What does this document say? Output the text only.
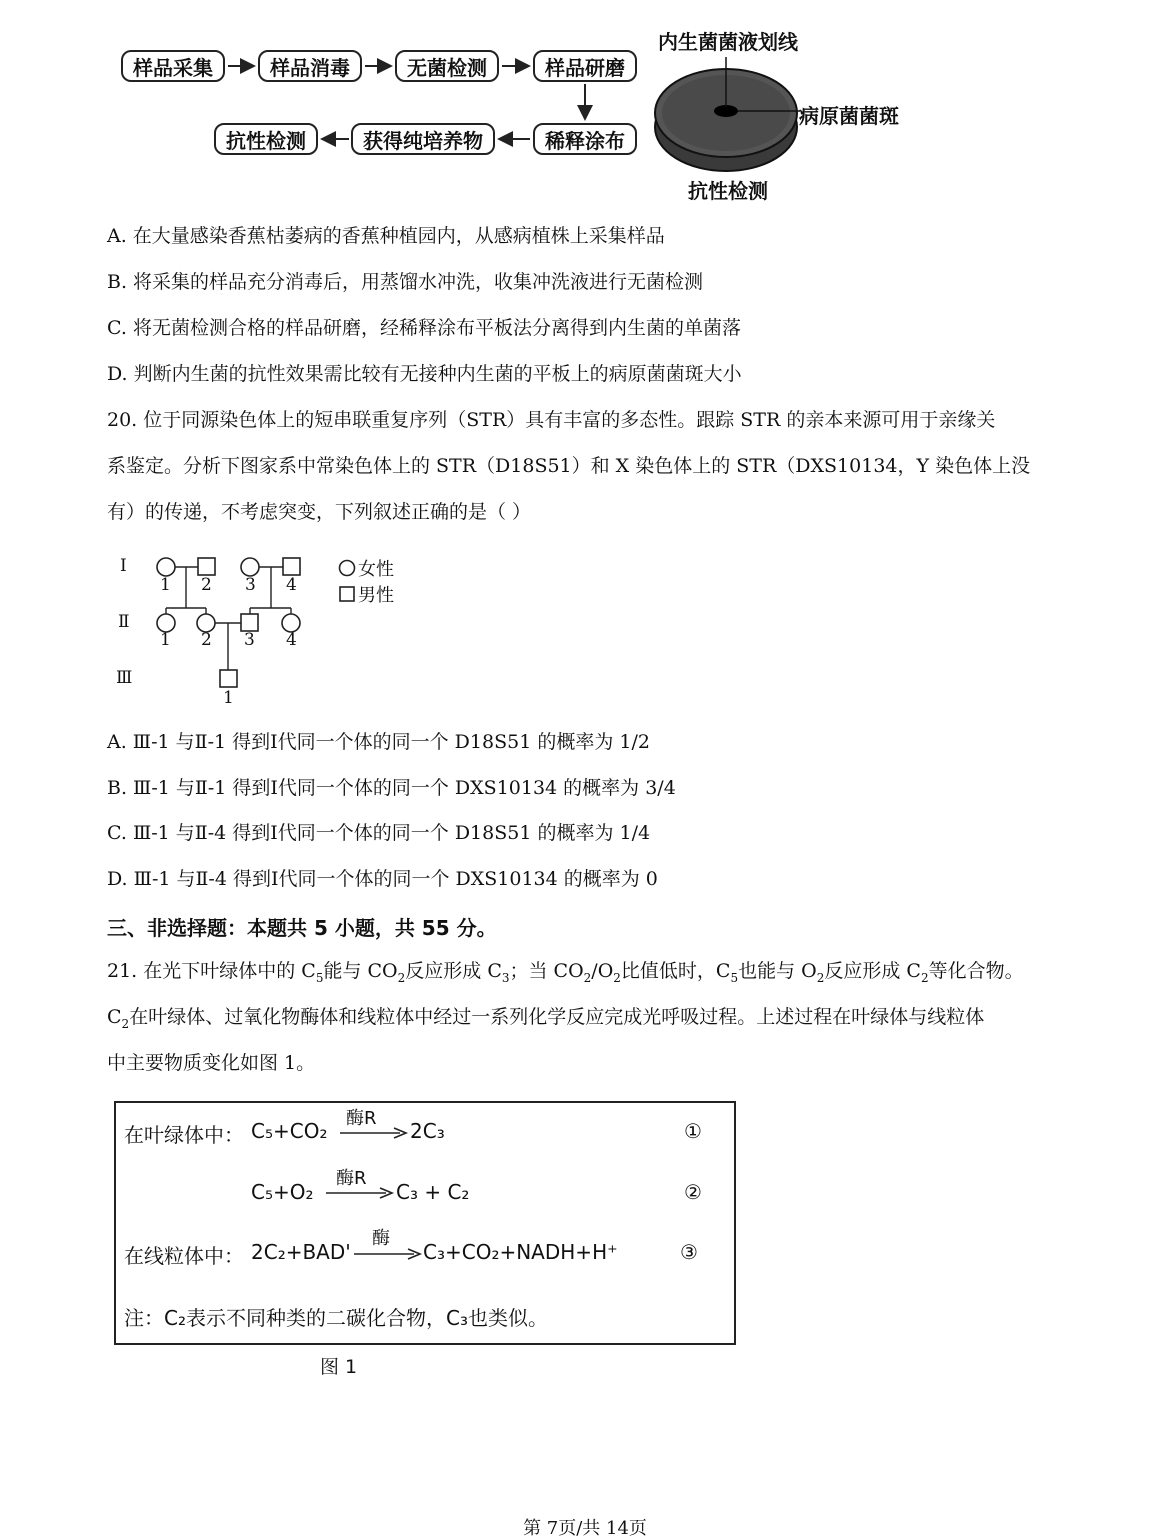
样品采集	样品消毒	无菌检测	样品研磨
稀释涂布
获得纯培养物
抗性检测
内生菌菌液划线
病原菌菌斑
抗性检测
A. 在大量感染香蕉枯萎病的香蕉种植园内，从感病植株上采集样品
B. 将采集的样品充分消毒后，用蒸馏水冲洗，收集冲洗液进行无菌检测
C. 将无菌检测合格的样品研磨，经稀释涂布平板法分离得到内生菌的单菌落
D. 判断内生菌的抗性效果需比较有无接种内生菌的平板上的病原菌菌斑大小
20. 位于同源染色体上的短串联重复序列（STR）具有丰富的多态性。跟踪 STR 的亲本来源可用于亲缘关
系鉴定。分析下图家系中常染色体上的 STR（D18S51）和 X 染色体上的 STR（DXS10134，Y 染色体上没
有）的传递，不考虑突变，下列叙述正确的是（ ）
Ⅰ
Ⅱ
Ⅲ
1 2 3 4
1 2 3 4
1
女性
男性
A. Ⅲ-1 与Ⅱ-1 得到Ⅰ代同一个体的同一个 D18S51 的概率为 1/2
B. Ⅲ-1 与Ⅱ-1 得到Ⅰ代同一个体的同一个 DXS10134 的概率为 3/4
C. Ⅲ-1 与Ⅱ-4 得到Ⅰ代同一个体的同一个 D18S51 的概率为 1/4
D. Ⅲ-1 与Ⅱ-4 得到Ⅰ代同一个体的同一个 DXS10134 的概率为 0
三、非选择题：本题共 5 小题，共 55 分。
21. 在光下叶绿体中的 $C_5$能与 $CO_2$反应形成 $C_3$；当 $CO_2/O_2$比值低时，$C_5$也能与 $O_2$反应形成 $C_2$等化合物。
$C_2$在叶绿体、过氧化物酶体和线粒体中经过一系列化学反应完成光呼吸过程。上述过程在叶绿体与线粒体
中主要物质变化如图 1。
在叶绿体中： C₅+CO₂
酶R
2C₃	①
C₅+O₂
酶R
C₃ + C₂	②
在线粒体中： 2C₂+BAD'
酶
C₃+CO₂+NADH+H⁺	③
注：C₂表示不同种类的二碳化合物，C₃也类似。
图 1
第 7页/共 14页
